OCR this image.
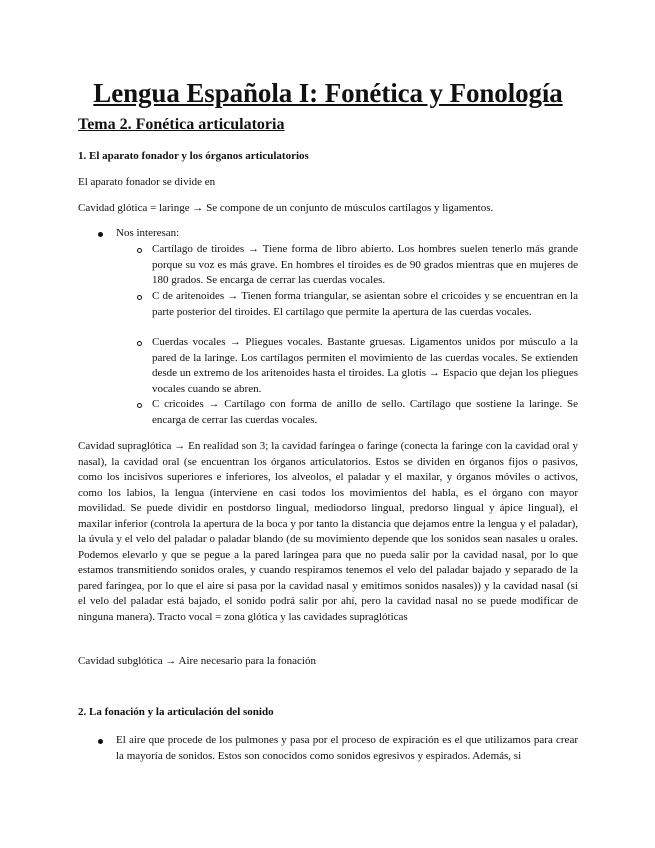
Lengua Española I: Fonética y Fonología
Tema 2. Fonética articulatoria
1. El aparato fonador y los órganos articulatorios
El aparato fonador se divide en
Cavidad glótica = laringe → Se compone de un conjunto de músculos cartílagos y ligamentos.
Nos interesan:
Cartílago de tiroides → Tiene forma de libro abierto. Los hombres suelen tenerlo más grande porque su voz es más grave. En hombres el tiroides es de 90 grados mientras que en mujeres de 180 grados. Se encarga de cerrar las cuerdas vocales.
C de aritenoides → Tienen forma triangular, se asientan sobre el cricoides y se encuentran en la parte posterior del tiroides. El cartílago que permite la apertura de las cuerdas vocales.
Cuerdas vocales → Pliegues vocales. Bastante gruesas. Ligamentos unidos por músculo a la pared de la laringe. Los cartílagos permiten el movimiento de las cuerdas vocales. Se extienden desde un extremo de los aritenoides hasta el tiroides. La glotis → Espacio que dejan los pliegues vocales cuando se abren.
C cricoides → Cartílago con forma de anillo de sello. Cartílago que sostiene la laringe. Se encarga de cerrar las cuerdas vocales.
Cavidad supraglótica → En realidad son 3; la cavidad faríngea o faringe (conecta la faringe con la cavidad oral y nasal), la cavidad oral (se encuentran los órganos articulatorios. Estos se dividen en órganos fijos o pasivos, como los incisivos superiores e inferiores, los alveolos, el paladar y el maxilar, y órganos móviles o activos, como los labios, la lengua (interviene en casi todos los movimientos del habla, es el órgano con mayor movilidad. Se puede dividir en postdorso lingual, mediodorso lingual, predorso lingual y ápice lingual), el maxilar inferior (controla la apertura de la boca y por tanto la distancia que dejamos entre la lengua y el paladar), la úvula y el velo del paladar o paladar blando (de su movimiento depende que los sonidos sean nasales u orales. Podemos elevarlo y que se pegue a la pared laríngea para que no pueda salir por la cavidad nasal, por lo que estamos transmitiendo sonidos orales, y cuando respiramos tenemos el velo del paladar bajado y separado de la pared faríngea, por lo que el aire si pasa por la cavidad nasal y emitimos sonidos nasales)) y la cavidad nasal (si el velo del paladar está bajado, el sonido podrá salir por ahí, pero la cavidad nasal no se puede modificar de ninguna manera). Tracto vocal = zona glótica y las cavidades supraglóticas
Cavidad subglótica → Aire necesario para la fonación
2. La fonación y la articulación del sonido
El aire que procede de los pulmones y pasa por el proceso de expiración es el que utilizamos para crear la mayoría de sonidos. Estos son conocidos como sonidos egresivos y espirados. Además, si
